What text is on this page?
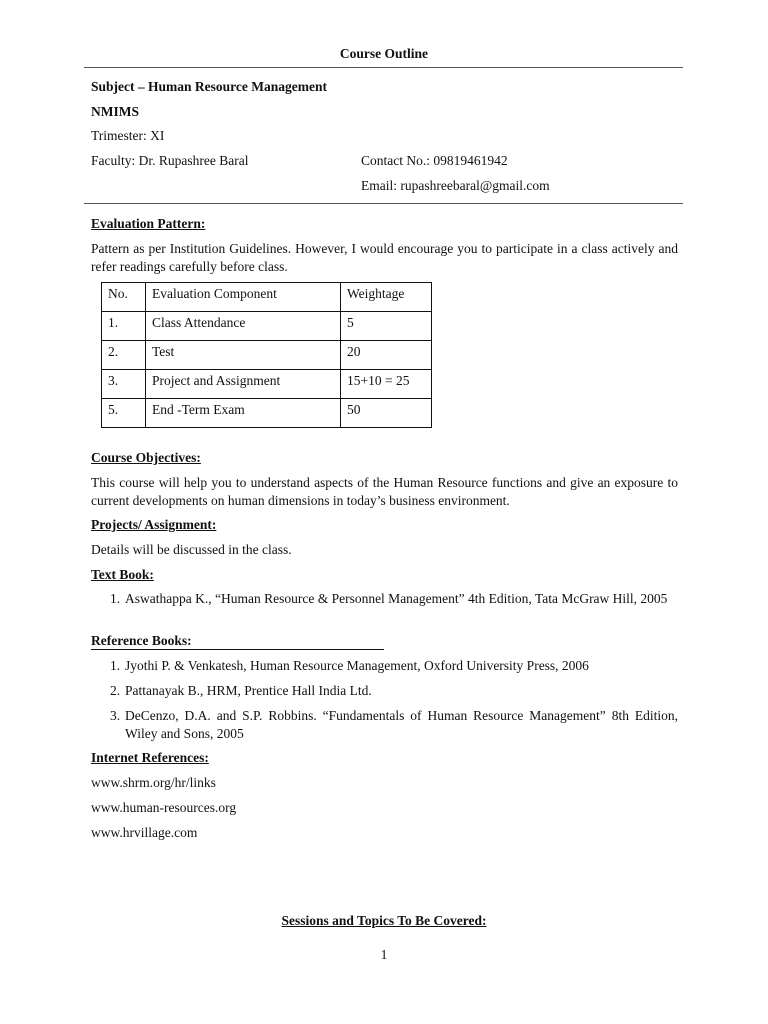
Course Outline
Subject – Human Resource Management
NMIMS
Trimester: XI
Faculty: Dr. Rupashree Baral	Contact No.: 09819461942
Email: rupashreebaral@gmail.com
Evaluation Pattern:
Pattern as per Institution Guidelines. However, I would encourage you to participate in a class actively and refer readings carefully before class.
No.	Evaluation Component	Weightage
1.	Class Attendance	5
2.	Test	20
3.	Project and Assignment	15+10 = 25
5.	End -Term Exam	50
Course Objectives:
This course will help you to understand aspects of the Human Resource functions and give an exposure to current developments on human dimensions in today’s business environment.
Projects/ Assignment:
Details will be discussed in the class.
Text Book:
1. Aswathappa K., “Human Resource & Personnel Management” 4th Edition, Tata McGraw Hill, 2005
Reference Books:
1. Jyothi P. & Venkatesh, Human Resource Management, Oxford University Press, 2006
2. Pattanayak B., HRM, Prentice Hall India Ltd.
3. DeCenzo, D.A. and S.P. Robbins. “Fundamentals of Human Resource Management” 8th Edition, Wiley and Sons, 2005
Internet References:
www.shrm.org/hr/links
www.human-resources.org
www.hrvillage.com
Sessions and Topics To Be Covered:
1
